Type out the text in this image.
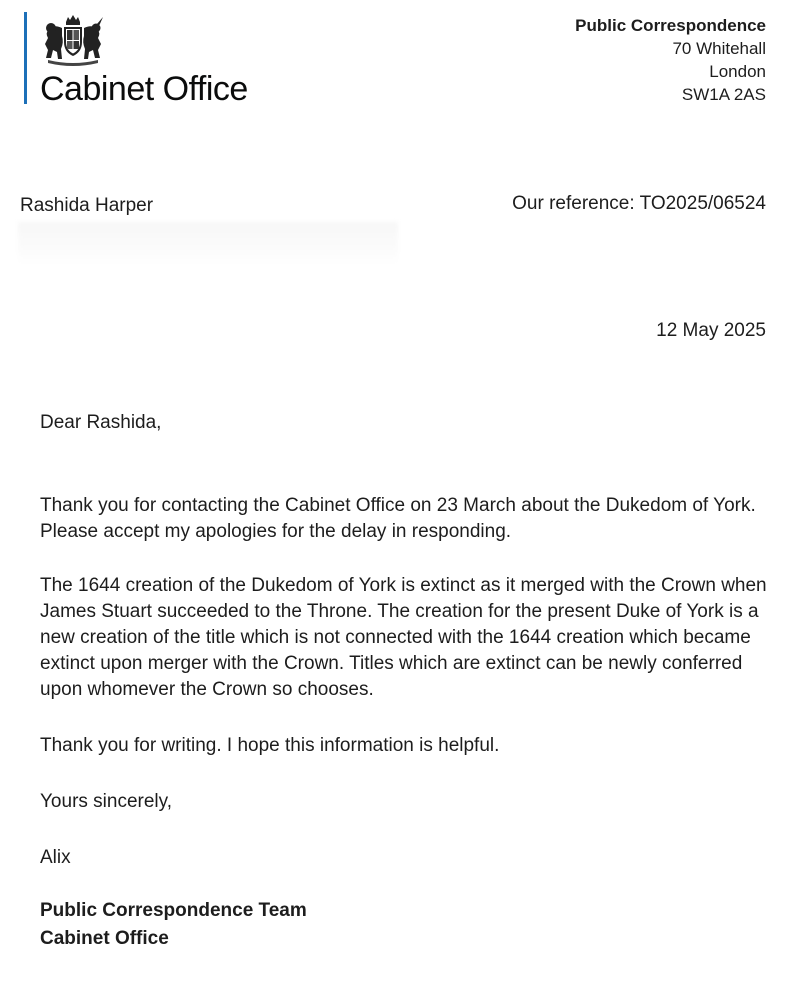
Cabinet Office
Public Correspondence
70 Whitehall
London
SW1A 2AS
Rashida Harper	Our reference: TO2025/06524
12 May 2025
Dear Rashida,
Thank you for contacting the Cabinet Office on 23 March about the Dukedom of York. Please accept my apologies for the delay in responding.
The 1644 creation of the Dukedom of York is extinct as it merged with the Crown when James Stuart succeeded to the Throne. The creation for the present Duke of York is a new creation of the title which is not connected with the 1644 creation which became extinct upon merger with the Crown. Titles which are extinct can be newly conferred upon whomever the Crown so chooses.
Thank you for writing. I hope this information is helpful.
Yours sincerely,
Alix
Public Correspondence Team
Cabinet Office
